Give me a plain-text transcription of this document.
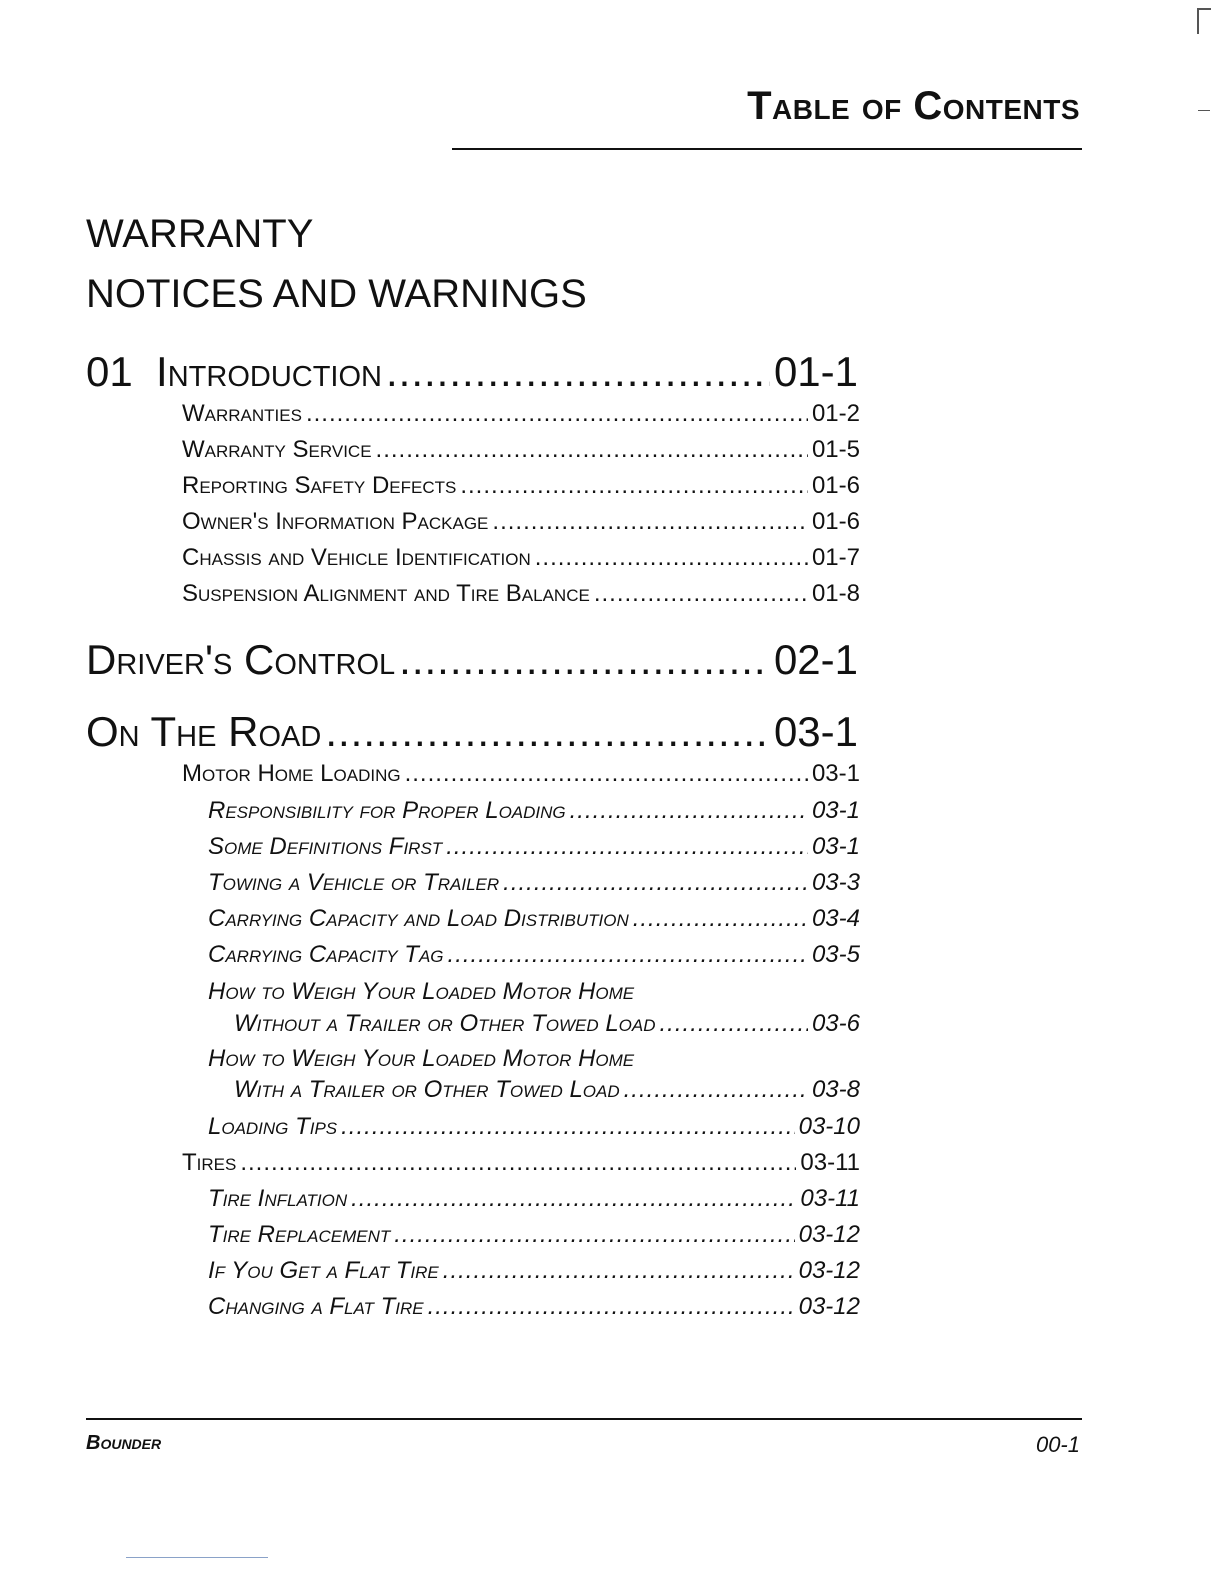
Table of Contents
WARRANTY
NOTICES AND WARNINGS
01  Introduction .....	01-1
Warranties .....	01-2
Warranty Service .....	01-5
Reporting Safety Defects .....	01-6
Owner's Information Package .....	01-6
Chassis and Vehicle Identification .....	01-7
Suspension Alignment and Tire Balance .....	01-8
Driver's Control .....	02-1
On The Road .....	03-1
Motor Home Loading .....	03-1
Responsibility for Proper Loading .....	03-1
Some Definitions First .....	03-1
Towing a Vehicle or Trailer .....	03-3
Carrying Capacity and Load Distribution .....	03-4
Carrying Capacity Tag .....	03-5
How to Weigh Your Loaded Motor Home
Without a Trailer or Other Towed Load .....	03-6
How to Weigh Your Loaded Motor Home
With a Trailer or Other Towed Load .....	03-8
Loading Tips .....	03-10
Tires .....	03-11
Tire Inflation .....	03-11
Tire Replacement .....	03-12
If You Get a Flat Tire .....	03-12
Changing a Flat Tire .....	03-12
Bounder	00-1
